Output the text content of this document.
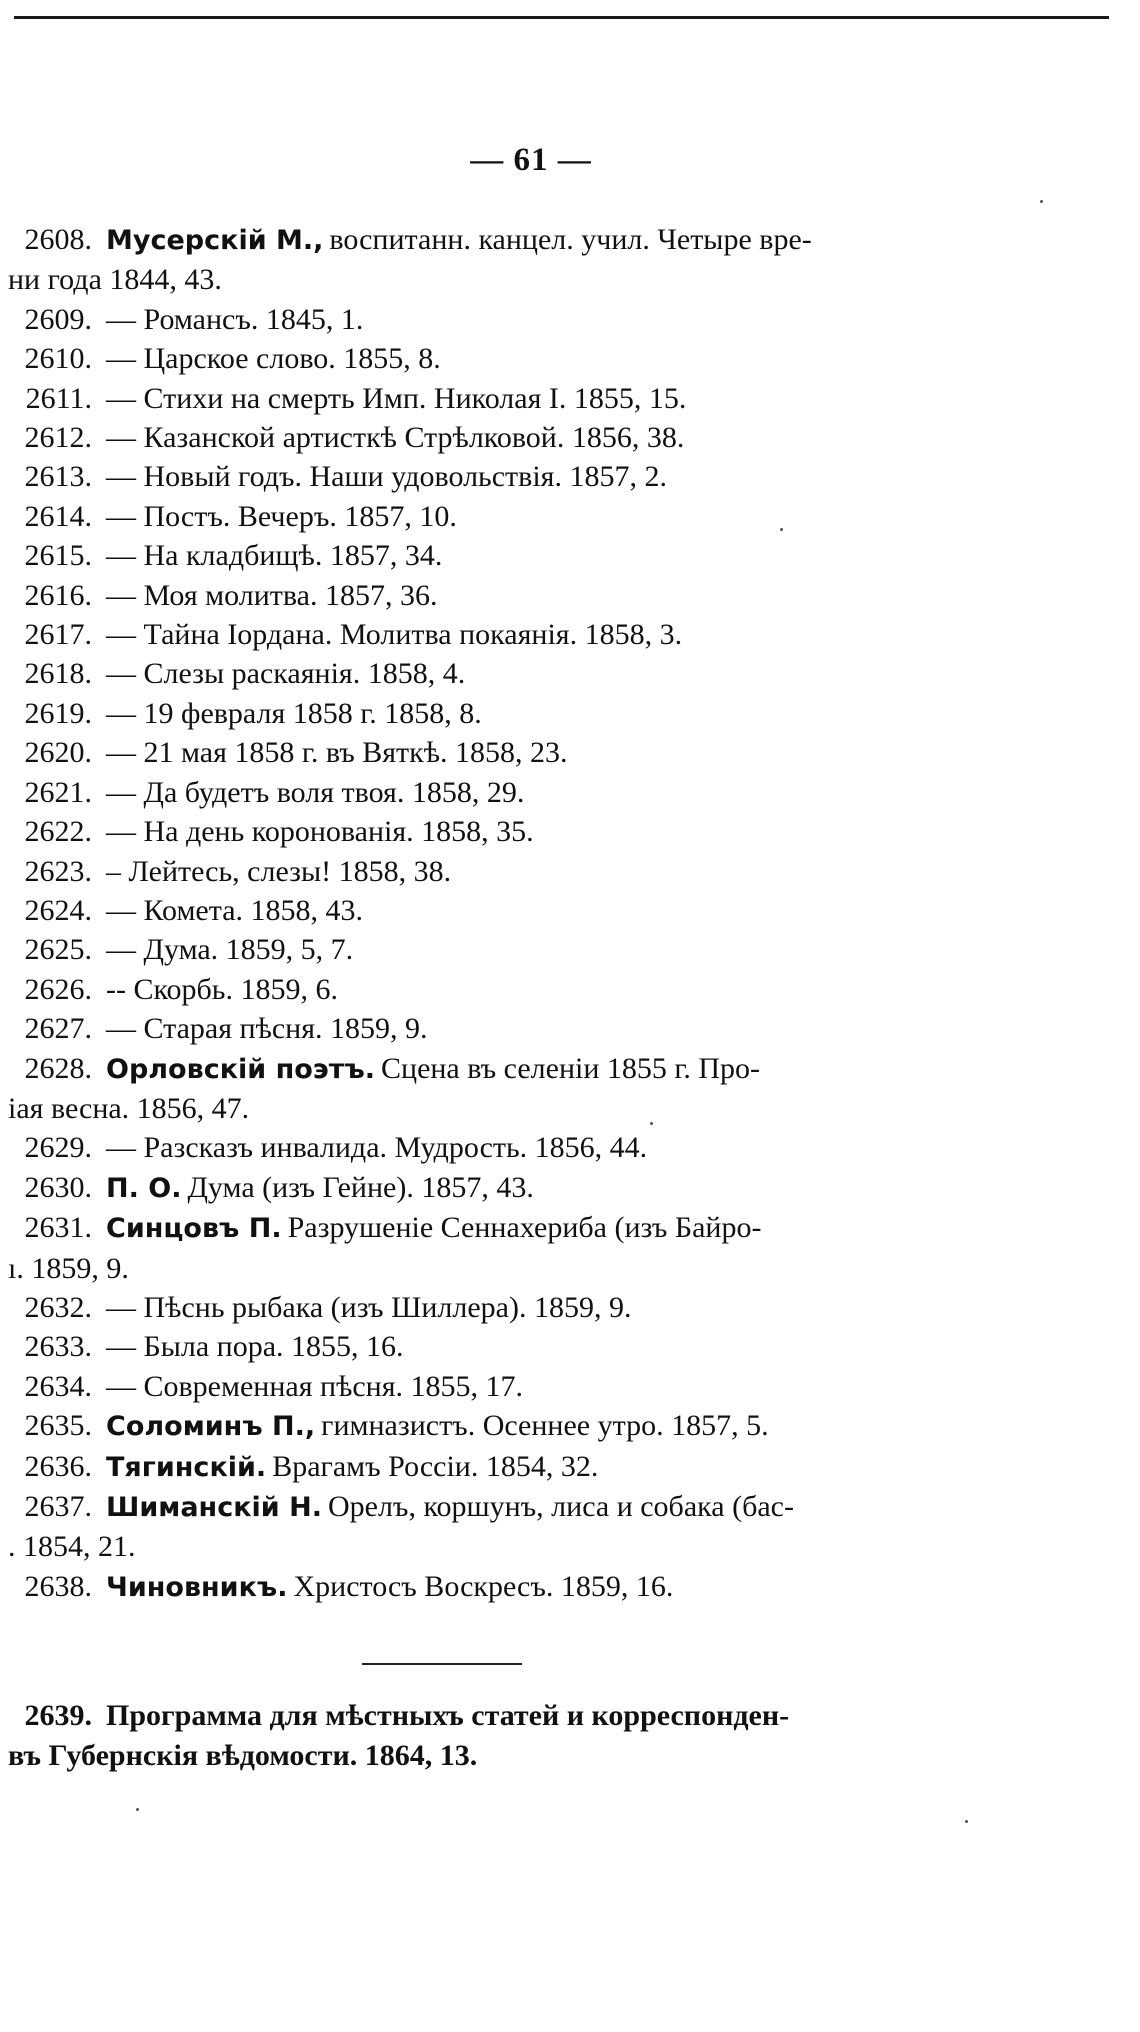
— 61 —
2608. Мусерскій М., воспитанн. канцел. учил. Четыре вре-
ни года 1844, 43.
2609. — Романсъ. 1845, 1.
2610. — Царское слово. 1855, 8.
2611. — Стихи на смерть Имп. Николая I. 1855, 15.
2612. — Казанской артисткѣ Стрѣлковой. 1856, 38.
2613. — Новый годъ. Наши удовольствія. 1857, 2.
2614. — Постъ. Вечеръ. 1857, 10.
2615. — На кладбищѣ. 1857, 34.
2616. — Моя молитва. 1857, 36.
2617. — Тайна Іордана. Молитва покаянія. 1858, 3.
2618. — Слезы раскаянія. 1858, 4.
2619. — 19 февраля 1858 г. 1858, 8.
2620. — 21 мая 1858 г. въ Вяткѣ. 1858, 23.
2621. — Да будетъ воля твоя. 1858, 29.
2622. — На день коронованія. 1858, 35.
2623. – Лейтесь, слезы! 1858, 38.
2624. — Комета. 1858, 43.
2625. — Дума. 1859, 5, 7.
2626. -- Скорбь. 1859, 6.
2627. — Старая пѣсня. 1859, 9.
2628. Орловскій поэтъ. Сцена въ селеніи 1855 г. Про-
іая весна. 1856, 47.
2629. — Разсказъ инвалида. Мудрость. 1856, 44.
2630. П. О. Дума (изъ Гейне). 1857, 43.
2631. Синцовъ П. Разрушеніе Сеннахериба (изъ Байро-
ı. 1859, 9.
2632. — Пѣснь рыбака (изъ Шиллера). 1859, 9.
2633. — Была пора. 1855, 16.
2634. — Современная пѣсня. 1855, 17.
2635. Соломинъ П., гимназистъ. Осеннее утро. 1857, 5.
2636. Тягинскій. Врагамъ Россіи. 1854, 32.
2637. Шиманскій Н. Орелъ, коршунъ, лиса и собака (бас-
. 1854, 21.
2638. Чиновникъ. Христосъ Воскресъ. 1859, 16.
2639. Программа для мѣстныхъ статей и корреспонден-
въ Губернскія вѣдомости. 1864, 13.
